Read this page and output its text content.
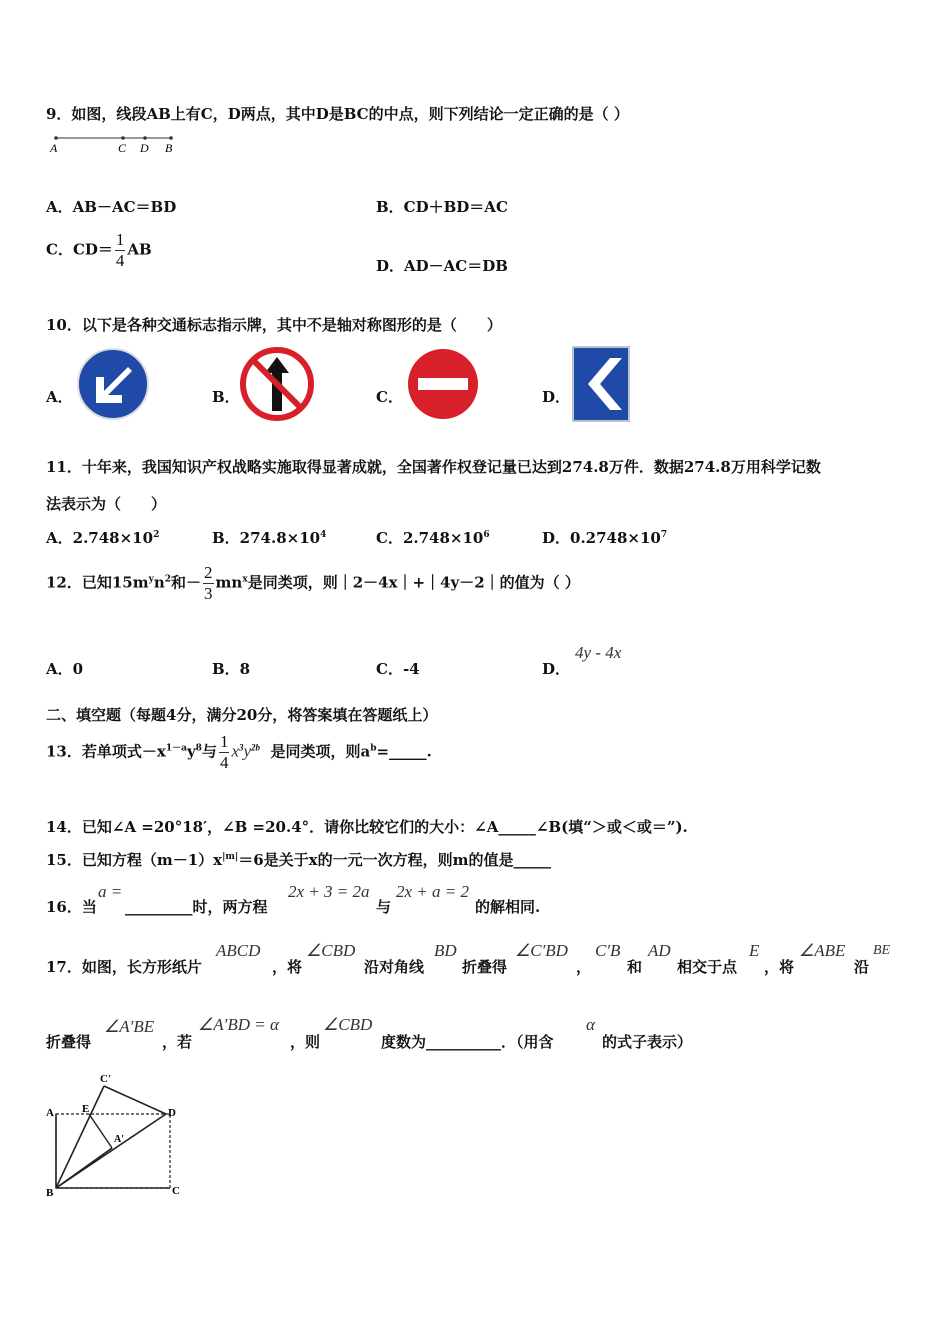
9．如图，线段AB上有C，D两点，其中D是BC的中点，则下列结论一定正确的是（ ）
A	C D B
A．AB－AC＝BD	B．CD＋BD＝AC
C．$CD= \frac{1}{4}$ AB
D．AD－AC＝DB
10．以下是各种交通标志指示牌，其中不是轴对称图形的是（　　）
A．	B．	C．	D．
11．十年来，我国知识产权战略实施取得显著成就，全国著作权登记量已达到274.8万件．数据274.8万用科学记数
法表示为（　　）
A．$2.748\times 10^2$	B．$274.8\times 10^4$	C．$2.748\times 10^6$	D．$0.2748\times 10^7$
12．已知$15m^yn^2$和－ $\frac{2}{3} mn^x$是同类项，则｜2－4x｜+｜4y－2｜的值为（ ）
A．0	B．8	C．-4	D．
4y - 4x
二、填空题（每题4分，满分20分，将答案填在答题纸上）
13．若单项式$-x^{1-a}y^8$与 $\frac{1}{4} x^3y^{2b}$ 是同类项，则$a^b=\_\_\_\_\_$.
14．已知∠A =20°18′，∠B =20.4°．请你比较它们的大小：∠A_____∠B(填“＞或＜或＝”).
15．已知方程$(m-1)x^{|m|}=6$是关于x的一元一次方程，则m的值是_____
16．当
a =
_________时，两方程
2x + 3 = 2a
与
2x + a = 2
的解相同.
17．如图，长方形纸片
ABCD
，将
∠CBD
沿对角线
BD
折叠得
∠C′BD
，
C′B
和
AD
相交于点
E
，将
∠ABE
沿
BE
折叠得
∠A′BE
，若
∠A′BD = α
，则
∠CBD
度数为__________．（用含
α
的式子表示）
C′
A	E	D
A′
B	C
